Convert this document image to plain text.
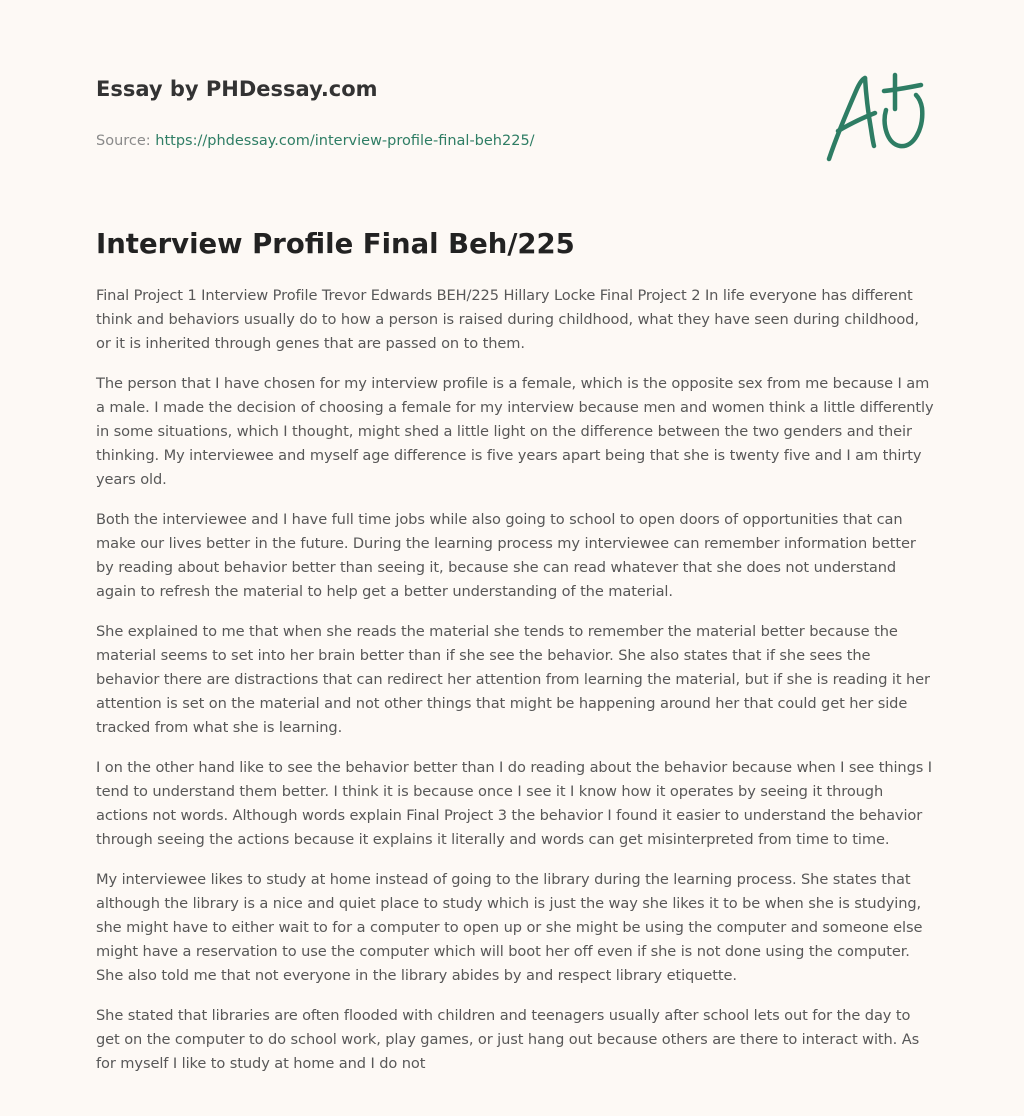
Essay by PHDessay.com
Source: https://phdessay.com/interview-profile-final-beh225/
Interview Profile Final Beh/225

Final Project 1 Interview Profile Trevor Edwards BEH/225 Hillary Locke Final Project 2 In life everyone has different think and behaviors usually do to how a person is raised during childhood, what they have seen during childhood, or it is inherited through genes that are passed on to them.

The person that I have chosen for my interview profile is a female, which is the opposite sex from me because I am a male. I made the decision of choosing a female for my interview because men and women think a little differently in some situations, which I thought, might shed a little light on the difference between the two genders and their thinking. My interviewee and myself age difference is five years apart being that she is twenty five and I am thirty years old.

Both the interviewee and I have full time jobs while also going to school to open doors of opportunities that can make our lives better in the future. During the learning process my interviewee can remember information better by reading about behavior better than seeing it, because she can read whatever that she does not understand again to refresh the material to help get a better understanding of the material.

She explained to me that when she reads the material she tends to remember the material better because the material seems to set into her brain better than if she see the behavior. She also states that if she sees the behavior there are distractions that can redirect her attention from learning the material, but if she is reading it her attention is set on the material and not other things that might be happening around her that could get her side tracked from what she is learning.

I on the other hand like to see the behavior better than I do reading about the behavior because when I see things I tend to understand them better. I think it is because once I see it I know how it operates by seeing it through actions not words. Although words explain Final Project 3 the behavior I found it easier to understand the behavior through seeing the actions because it explains it literally and words can get misinterpreted from time to time.

My interviewee likes to study at home instead of going to the library during the learning process. She states that although the library is a nice and quiet place to study which is just the way she likes it to be when she is studying, she might have to either wait to for a computer to open up or she might be using the computer and someone else might have a reservation to use the computer which will boot her off even if she is not done using the computer. She also told me that not everyone in the library abides by and respect library etiquette.

She stated that libraries are often flooded with children and teenagers usually after school lets out for the day to get on the computer to do school work, play games, or just hang out because others are there to interact with. As for myself I like to study at home and I do not
